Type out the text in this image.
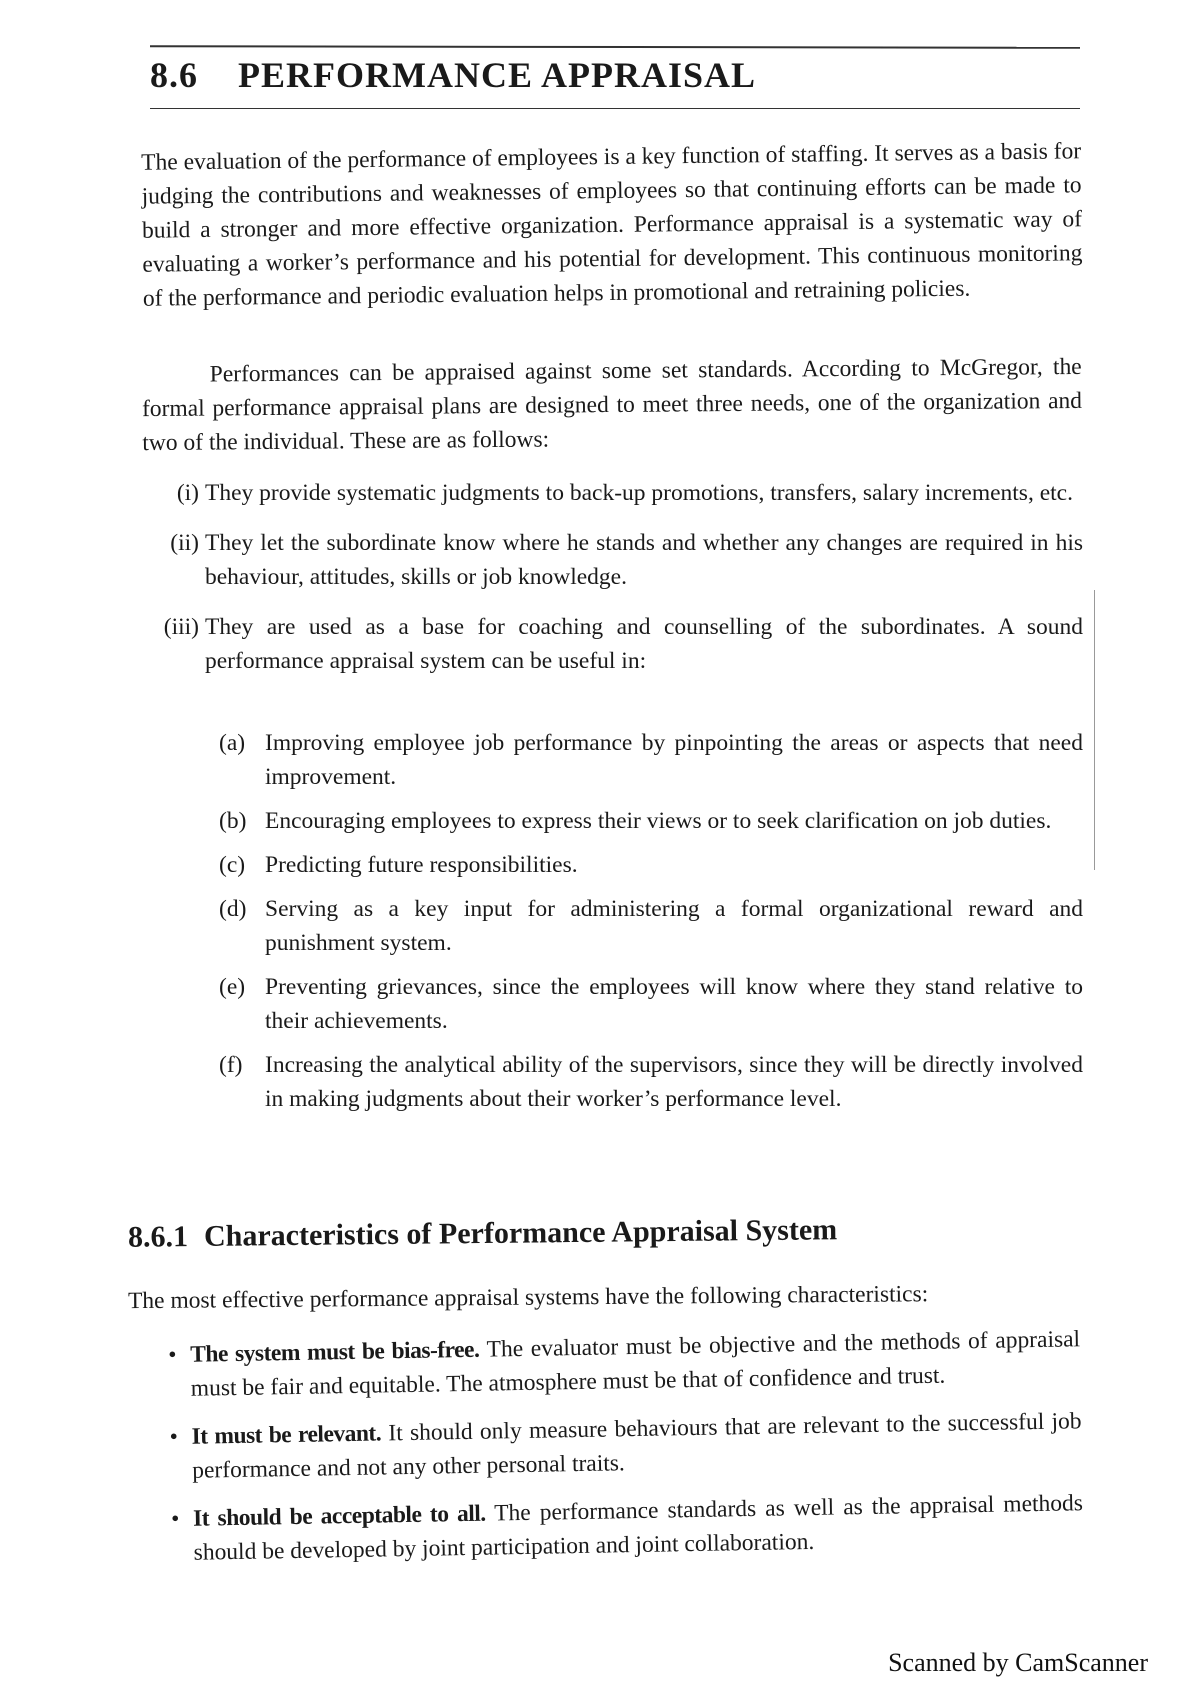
8.6 PERFORMANCE APPRAISAL

The evaluation of the performance of employees is a key function of staffing. It serves as a basis for judging the contributions and weaknesses of employees so that continuing efforts can be made to build a stronger and more effective organization. Performance appraisal is a systematic way of evaluating a worker’s performance and his potential for development. This continuous monitoring of the performance and periodic evaluation helps in promotional and retraining policies.

Performances can be appraised against some set standards. According to McGregor, the formal performance appraisal plans are designed to meet three needs, one of the organization and two of the individual. These are as follows:

(i) They provide systematic judgments to back-up promotions, transfers, salary increments, etc.
(ii) They let the subordinate know where he stands and whether any changes are required in his behaviour, attitudes, skills or job knowledge.
(iii) They are used as a base for coaching and counselling of the subordinates. A sound performance appraisal system can be useful in:
(a) Improving employee job performance by pinpointing the areas or aspects that need improvement.
(b) Encouraging employees to express their views or to seek clarification on job duties.
(c) Predicting future responsibilities.
(d) Serving as a key input for administering a formal organizational reward and punishment system.
(e) Preventing grievances, since the employees will know where they stand relative to their achievements.
(f) Increasing the analytical ability of the supervisors, since they will be directly involved in making judgments about their worker’s performance level.
8.6.1 Characteristics of Performance Appraisal System

The most effective performance appraisal systems have the following characteristics:

• The system must be bias-free. The evaluator must be objective and the methods of appraisal must be fair and equitable. The atmosphere must be that of confidence and trust.
• It must be relevant. It should only measure behaviours that are relevant to the successful job performance and not any other personal traits.
• It should be acceptable to all. The performance standards as well as the appraisal methods should be developed by joint participation and joint collaboration.
Scanned by CamScanner
